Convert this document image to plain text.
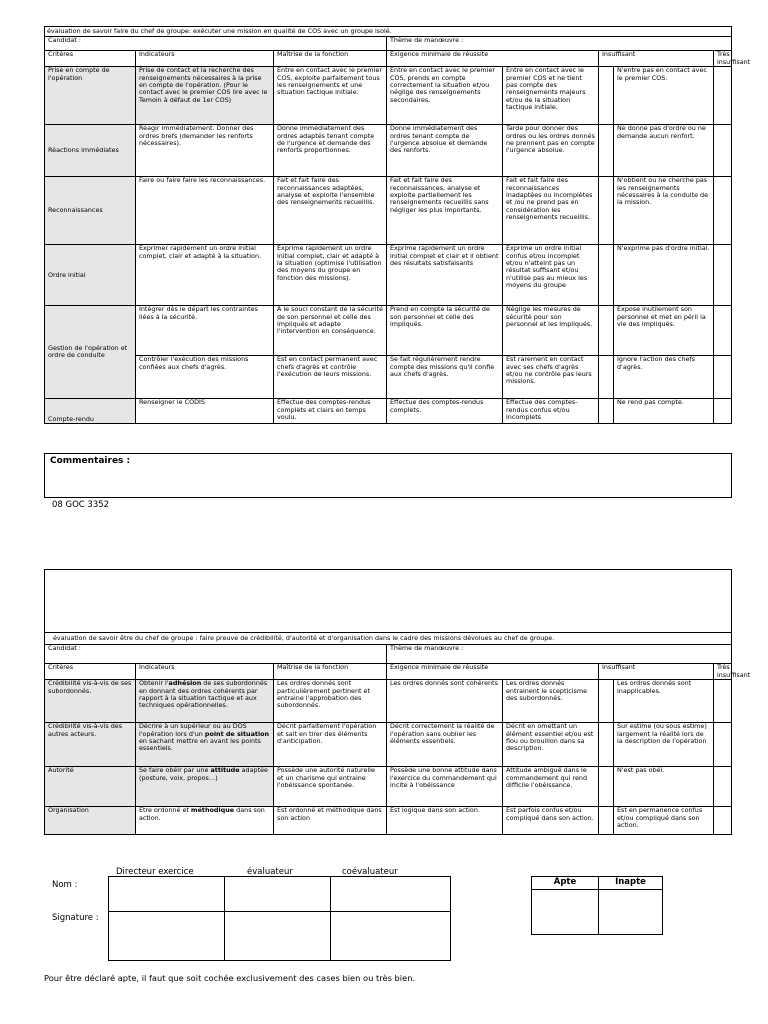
évaluation de savoir faire du chef de groupe: exécuter une mission en qualité de COS avec un groupe isolé.							
Candidat :			Thème de manœuvre :				
Critères	Indicateurs	Maîtrise de la fonction	Exigence minimale de réussite		Insuffisant		Très insuffisant
Prise en compte de l'opération	Prise de contact et la recherche des renseignements nécessaires à la prise en compte de l'opération. (Pour le contact avec le premier COS lire avec le Temoin à défaut de 1er COS)	Entre en contact avec le premier COS, exploite parfaitement tous les renseignements et une situation tactique initiale.	Entre en contact avec le premier COS, prends en compte correctement la situation et/ou néglige des renseignements secondaires.	Entre en contact avec le premier COS et ne tient pas compte des renseignements majeurs et/ou de la situation tactique initiale.		N'entre pas en contact avec le premier COS.	
Réactions immédiates	Réagir immédiatement. Donner des ordres brefs (demander les renforts nécessaires).	Donne immédiatement des ordres adaptés tenant compte de l'urgence et demande des renforts proportionnes.	Donne immédiatement des ordres tenant compte de l'urgence absolue et demande des renforts.	Tarde pour donner des ordres ou les ordres donnés ne prennent pas en compte l'urgence absolue.		Ne donne pas d'ordre ou ne demande aucun renfort.	
Reconnaissances	Faire ou faire faire les reconnaissances.	Fait et fait faire des reconnaissances adaptées, analyse et exploite l'ensemble des renseignements recueillis.	Fait et fait faire des reconnaissances, analyse et exploite partiellement les renseignements recueillis sans négliger les plus importants.	Fait et fait faire des reconnaissances inadaptées ou incomplètes et /ou ne prend pas en considération les renseignements recueillis.		N'obtient ou ne cherche pas les renseignements nécessaires à la conduite de la mission.	
Ordre initial	Exprimer rapidement un ordre initial complet, clair et adapté à la situation.	Exprime rapidement un ordre initial complet, clair et adapté à la situation (optimise l'utilisation des moyens du groupe en fonction des missions).	Exprime rapidement un ordre initial complet et clair et il obtient des résultats satisfaisants	Exprime un ordre initial confus et/ou incomplet et/ou n'atteint pas un résultat suffisant et/ou n'utilise pas au mieux les moyens du groupe		N'exprime pas d'ordre initial.	
Gestion de l'opération et ordre de conduite	Intégrer dès le départ les contraintes liées à la sécurité.	A le souci constant de la sécurité de son personnel et celle des impliqués et adapte l'intervention en conséquence.	Prend en compte la sécurité de son personnel et celle des impliqués.	Néglige les mesures de sécurité pour son personnel et les impliqués.		Expose inutilement son personnel et met en péril la vie des impliqués.	
	Contrôler l'exécution des missions confiées aux chefs d'agrès.	Est en contact permanent avec chefs d'agrès et contrôle l'exécution de leurs missions.	Se fait régulièrement rendre compte des missions qu'il confie aux chefs d'agrès.	Est rarement en contact avec ses chefs d'agrès et/ou ne contrôle pas leurs missions.		Ignore l'action des chefs d'agrès.	
Compte-rendu	Renseigner le CODIS	Effectue des comptes-rendus complets et clairs en temps voulu.	Effectue des comptes-rendus complets.	Effectue des comptes-rendus confus et/ou incomplets		Ne rend pas compte.	
Commentaires :
08 GOC 3352
évaluation de savoir être du chef de groupe : faire preuve de crédibilité, d'autorité et d'organisation dans le cadre des missions dévolues au chef de groupe.							
Candidat :			Thème de manœuvre :				
Critères	Indicateurs	Maîtrise de la fonction	Exigence minimale de réussite		Insuffisant		Très insuffisant
Crédibilité vis-à-vis de ses subordonnés.	Obtenir l'adhésion de ses subordonnés en donnant des ordres cohérents par rapport à la situation tactique et aux techniques opérationnelles.	Les ordres donnés sont particulièrement pertinent et entraine l'approbation des subordonnés.	Les ordres donnés sont cohérents	Les ordres donnés entrainent le scepticisme des subordonnés.		Les ordres donnés sont inapplicables.	
Crédibilité vis-à-vis des autres acteurs.	Décrire à un supérieur ou au DOS l'opération lors d'un point de situation en sachant mettre en avant les points essentiels.	Décrit parfaitement l'opération et sait en tirer des éléments d'anticipation.	Décrit correctement la réalité de l'opération sans oublier les éléments essentiels.	Décrit en omettant un élément essentiel et/ou est flou ou brouillon dans sa description.		Sur estime (ou sous estime) largement la réalité lors de la description de l'opération	
Autorité	Se faire obéir par une attitude adaptée (posture, voix, propos…)	Possède une autorité naturelle et un charisme qui entraine l'obéissance spontanée.	Possède une bonne attitude dans l'exercice du commandement qui incite à l'obéissance	Attitude ambiguë dans le commandement qui rend difficile l'obéissance.		N'est pas obéi.	
Organisation	Etre ordonné et méthodique dans son action.	Est ordonné et méthodique dans son action	Est logique dans son action.	Est parfois confus et/ou compliqué dans son action.		Est en permanence confus et/ou compliqué dans son action.	
Directeur exercice	évaluateur	coévaluateur
Nom :
Signature :

Apte	Inapte

Pour être déclaré apte, il faut que soit cochée exclusivement des cases bien ou très bien.
